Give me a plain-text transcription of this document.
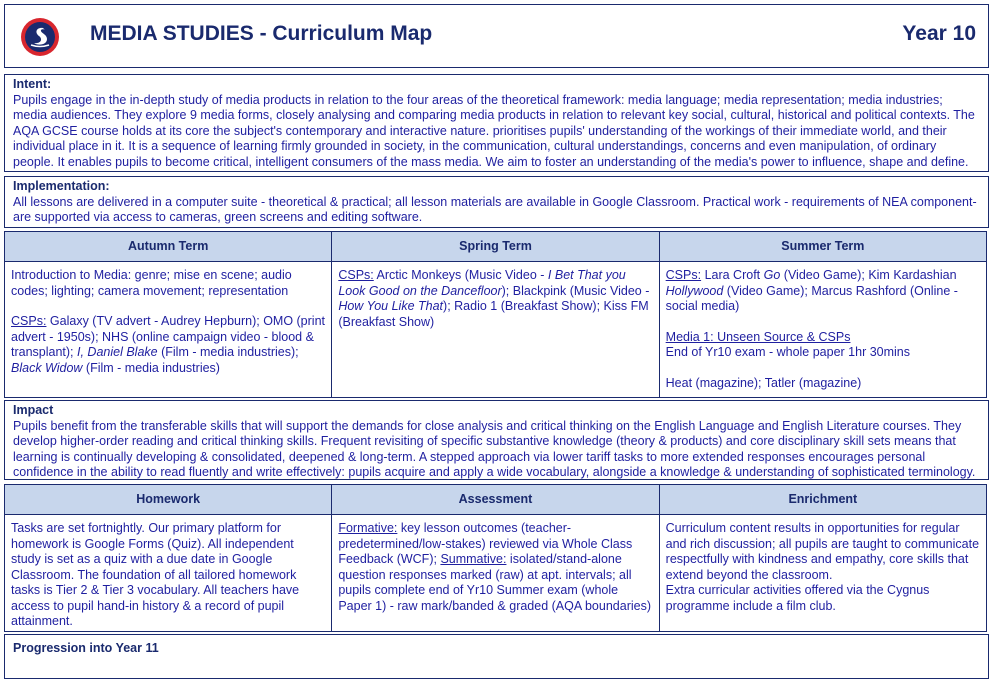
MEDIA STUDIES - Curriculum Map	Year 10
Intent:

Pupils engage in the in-depth study of media products in relation to the four areas of the theoretical framework: media language; media representation; media industries; media audiences. They explore 9 media forms, closely analysing and comparing media products in relation to relevant key social, cultural, historical and political contexts. The AQA GCSE course holds at its core the subject's contemporary and interactive nature. prioritises pupils' understanding of the workings of their immediate world, and their individual place in it. It is a sequence of learning firmly grounded in society, in the communication, cultural understandings, concerns and even manipulation, of ordinary people. It enables pupils to become critical, intelligent consumers of the mass media. We aim to foster an understanding of the media's power to influence, shape and define.

Implementation:

All lessons are delivered in a computer suite - theoretical & practical; all lesson materials are available in Google Classroom. Practical work - requirements of NEA component- are supported via access to cameras, green screens and editing software.

Autumn Term

Introduction to Media: genre; mise en scene; audio codes; lighting; camera movement; representation

CSPs: Galaxy (TV advert - Audrey Hepburn); OMO (print advert - 1950s); NHS (online campaign video - blood & transplant); I, Daniel Blake (Film - media industries); Black Widow (Film - media industries)

Spring Term

CSPs: Arctic Monkeys (Music Video - I Bet That you Look Good on the Dancefloor); Blackpink (Music Video - How You Like That); Radio 1 (Breakfast Show); Kiss FM (Breakfast Show)

Summer Term

CSPs: Lara Croft Go (Video Game); Kim Kardashian Hollywood (Video Game); Marcus Rashford (Online - social media)

Media 1: Unseen Source & CSPs

End of Yr10 exam - whole paper 1hr 30mins

Heat (magazine); Tatler (magazine)

Impact

Pupils benefit from the transferable skills that will support the demands for close analysis and critical thinking on the English Language and English Literature courses. They develop higher-order reading and critical thinking skills. Frequent revisiting of specific substantive knowledge (theory & products) and core disciplinary skill sets means that learning is continually developing & consolidated, deepened & long-term. A stepped approach via lower tariff tasks to more extended responses encourages personal confidence in the ability to read fluently and write effectively: pupils acquire and apply a wide vocabulary, alongside a knowledge & understanding of sophisticated terminology.

Homework

Tasks are set fortnightly. Our primary platform for homework is Google Forms (Quiz). All independent study is set as a quiz with a due date in Google Classroom. The foundation of all tailored homework tasks is Tier 2 & Tier 3 vocabulary. All teachers have access to pupil hand-in history & a record of pupil attainment.

Assessment

Formative: key lesson outcomes (teacher-predetermined/low-stakes) reviewed via Whole Class Feedback (WCF); Summative: isolated/stand-alone question responses marked (raw) at apt. intervals; all pupils complete end of Yr10 Summer exam (whole Paper 1) - raw mark/banded & graded (AQA boundaries)

Enrichment

Curriculum content results in opportunities for regular and rich discussion; all pupils are taught to communicate respectfully with kindness and empathy, core skills that extend beyond the classroom.

Extra curricular activities offered via the Cygnus programme include a film club.

Progression into Year 11
